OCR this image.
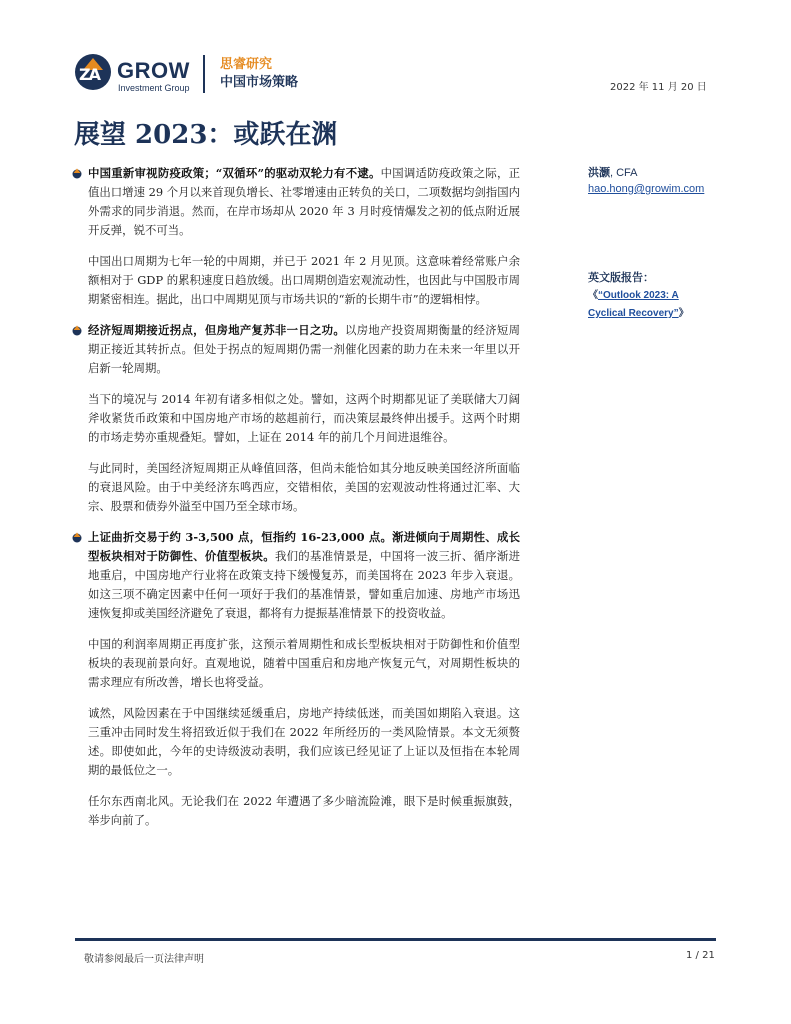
ZA GROW
Investment Group
思睿研究
中国市场策略	2022 年 11 月 20 日
展望 2023：或跃在渊

中国重新审视防疫政策；“双循环”的驱动双轮力有不逮。中国调适防疫政策之际，正值出口增速 29 个月以来首现负增长、社零增速由正转负的关口，二项数据均剑指国内外需求的同步消退。然而，在岸市场却从 2020 年 3 月时疫情爆发之初的低点附近展开反弹，锐不可当。

中国出口周期为七年一轮的中周期，并已于 2021 年 2 月见顶。这意味着经常账户余额相对于 GDP 的累积速度日趋放缓。出口周期创造宏观流动性，也因此与中国股市周期紧密相连。据此，出口中周期见顶与市场共识的“新的长期牛市”的逻辑相悖。

经济短周期接近拐点，但房地产复苏非一日之功。以房地产投资周期衡量的经济短周期正接近其转折点。但处于拐点的短周期仍需一剂催化因素的助力在未来一年里以开启新一轮周期。

当下的境况与 2014 年初有诸多相似之处。譬如，这两个时期都见证了美联储大刀阔斧收紧货币政策和中国房地产市场的趑趄前行，而决策层最终伸出援手。这两个时期的市场走势亦重规叠矩。譬如，上证在 2014 年的前几个月间进退维谷。

与此同时，美国经济短周期正从峰值回落，但尚未能恰如其分地反映美国经济所面临的衰退风险。由于中美经济东鸣西应，交错相依，美国的宏观波动性将通过汇率、大宗、股票和债券外溢至中国乃至全球市场。

上证曲折交易于约 3-3,500 点，恒指约 16-23,000 点。渐进倾向于周期性、成长型板块相对于防御性、价值型板块。我们的基准情景是，中国将一波三折、循序渐进地重启，中国房地产行业将在政策支持下缓慢复苏，而美国将在 2023 年步入衰退。如这三项不确定因素中任何一项好于我们的基准情景，譬如重启加速、房地产市场迅速恢复抑或美国经济避免了衰退，都将有力提振基准情景下的投资收益。

中国的利润率周期正再度扩张，这预示着周期性和成长型板块相对于防御性和价值型板块的表现前景向好。直观地说，随着中国重启和房地产恢复元气，对周期性板块的需求理应有所改善，增长也将受益。

诚然，风险因素在于中国继续延缓重启，房地产持续低迷，而美国如期陷入衰退。这三重冲击同时发生将招致近似于我们在 2022 年所经历的一类风险情景。本文无须赘述。即使如此，今年的史诗级波动表明，我们应该已经见证了上证以及恒指在本轮周期的最低位之一。

任尔东西南北风。无论我们在 2022 年遭遇了多少暗流险滩，眼下是时候重振旗鼓，举步向前了。

洪灏, CFA
hao.hong@growim.com
英文版报告：
《“Outlook 2023: A Cyclical Recovery”》
敬请参阅最后一页法律声明	1 / 21
